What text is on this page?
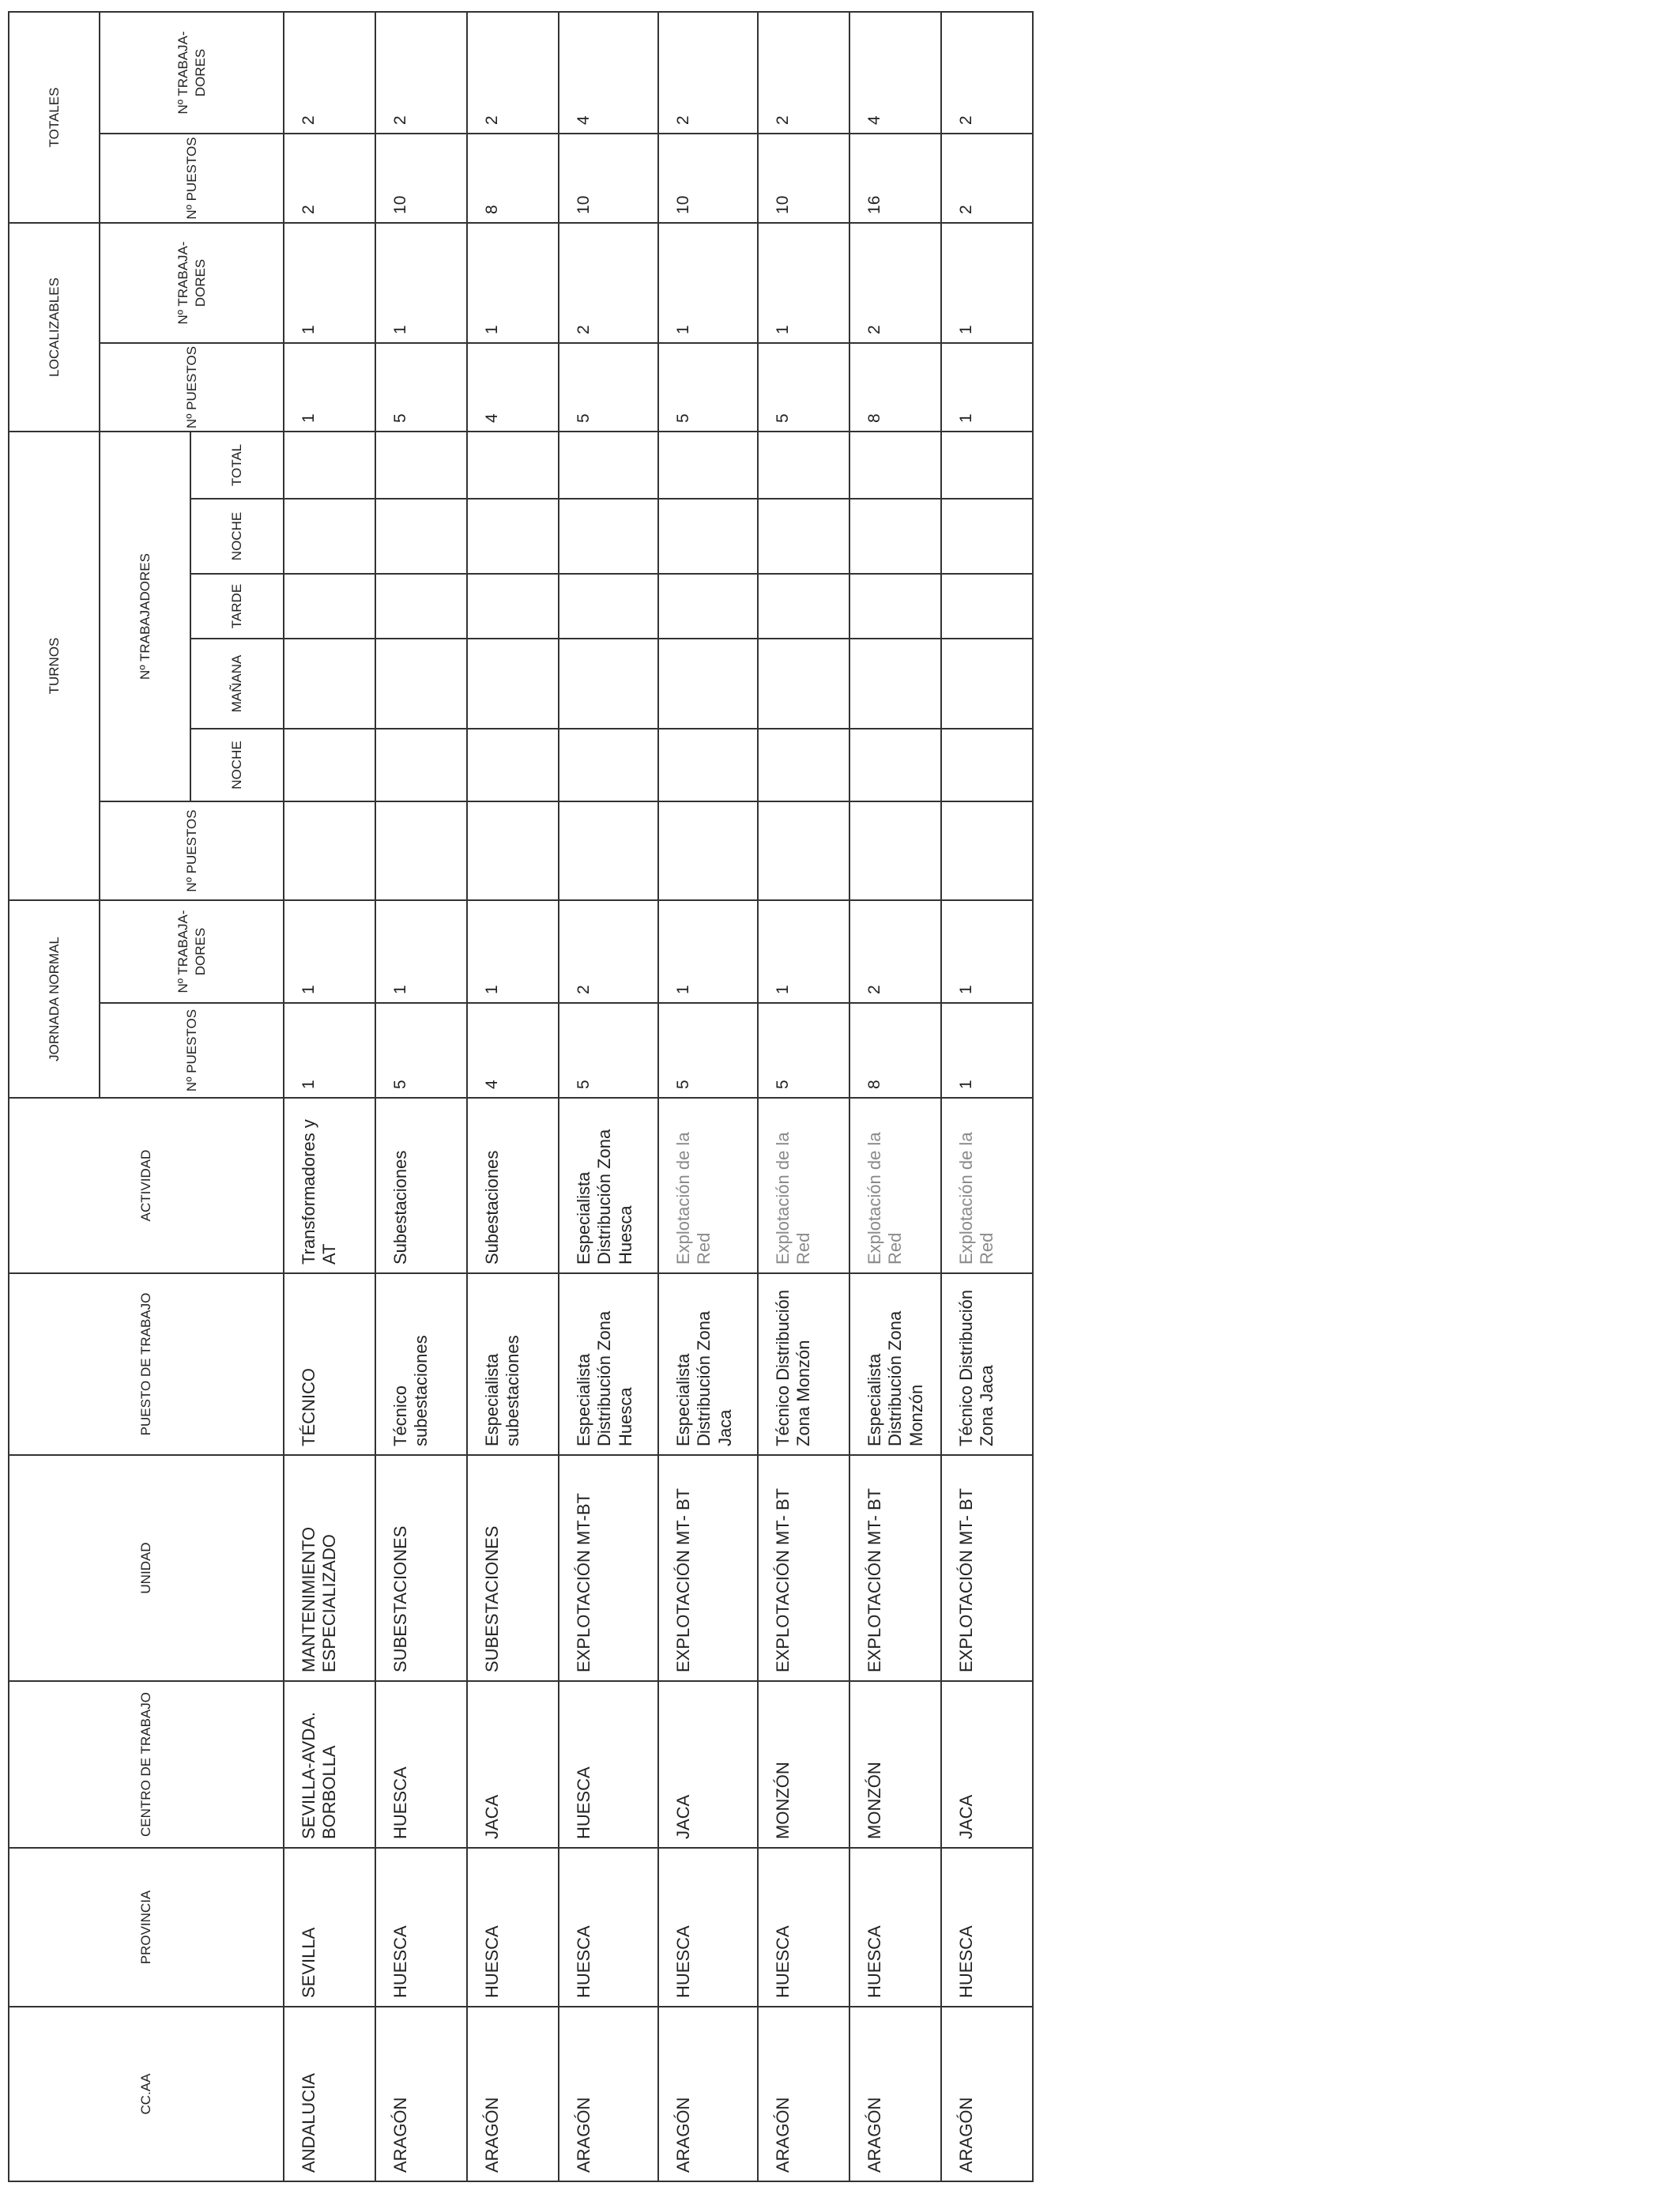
CC.AA	PROVINCIA	CENTRO DE TRABAJO	UNIDAD	PUESTO DE TRABAJO	ACTIVIDAD	JORNADA NORMAL		TURNOS						LOCALIZABLES		TOTALES	
						Nº PUESTOS	Nº TRABAJA-DORES	Nº PUESTOS	Nº TRABAJADORES					Nº PUESTOS	Nº TRABAJA-DORES	Nº PUESTOS	Nº TRABAJA-DORES
									NOCHE	MAÑANA	TARDE	NOCHE	TOTAL				
ANDALUCIA	SEVILLA	SEVILLA-AVDA. BORBOLLA	MANTENIMIENTO ESPECIALIZADO	TÉCNICO	Transformadores y AT	1	1							1	1	2	2
ARAGÓN	HUESCA	HUESCA	SUBESTACIONES	Técnico subestaciones	Subestaciones	5	1							5	1	10	2
ARAGÓN	HUESCA	JACA	SUBESTACIONES	Especialista subestaciones	Subestaciones	4	1							4	1	8	2
ARAGÓN	HUESCA	HUESCA	EXPLOTACIÓN MT-BT	Especialista Distribución Zona Huesca	Especialista Distribución Zona Huesca	5	2							5	2	10	4
ARAGÓN	HUESCA	JACA	EXPLOTACIÓN MT- BT	Especialista Distribución Zona Jaca	Explotación de la Red	5	1							5	1	10	2
ARAGÓN	HUESCA	MONZÓN	EXPLOTACIÓN MT- BT	Técnico Distribución Zona Monzón	Explotación de la Red	5	1							5	1	10	2
ARAGÓN	HUESCA	MONZÓN	EXPLOTACIÓN MT- BT	Especialista Distribución Zona Monzón	Explotación de la Red	8	2							8	2	16	4
ARAGÓN	HUESCA	JACA	EXPLOTACIÓN MT- BT	Técnico Distribución Zona Jaca	Explotación de la Red	1	1							1	1	2	2
